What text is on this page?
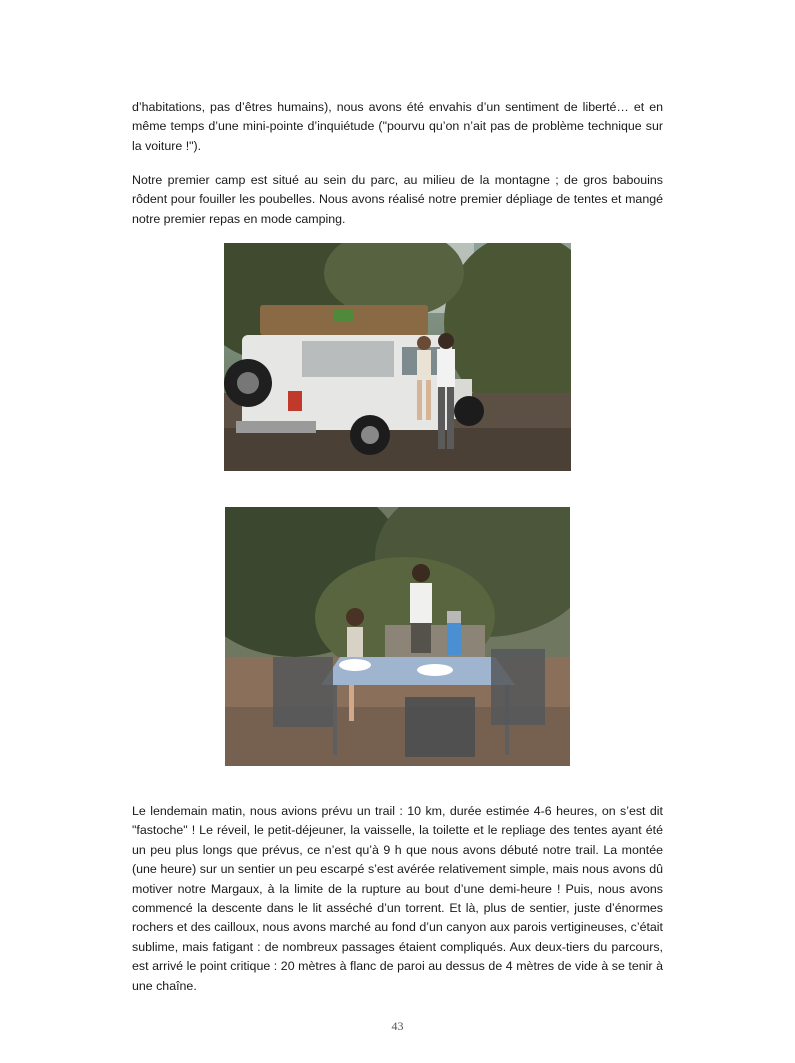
d’habitations, pas d’êtres humains), nous avons été envahis d’un sentiment de liberté… et en même temps d’une mini-pointe d’inquiétude ("pourvu qu’on n’ait pas de problème technique sur la voiture !").

Notre premier camp est situé au sein du parc, au milieu de la montagne ; de gros babouins rôdent pour fouiller les poubelles. Nous avons réalisé notre premier dépliage de tentes et mangé notre premier repas en mode camping.

Le lendemain matin, nous avions prévu un trail : 10 km, durée estimée 4-6 heures, on s’est dit "fastoche" ! Le réveil, le petit-déjeuner, la vaisselle, la toilette et le repliage des tentes ayant été un peu plus longs que prévus, ce n’est qu’à 9 h que nous avons débuté notre trail. La montée (une heure) sur un sentier un peu escarpé s’est avérée relativement simple, mais nous avons dû motiver notre Margaux, à la limite de la rupture au bout d’une demi-heure ! Puis, nous avons commencé la descente dans le lit asséché d’un torrent. Et là, plus de sentier, juste d’énormes rochers et des cailloux, nous avons marché au fond d’un canyon aux parois vertigineuses, c’était sublime, mais fatigant : de nombreux passages étaient compliqués. Aux deux-tiers du parcours, est arrivé le point critique : 20 mètres à flanc de paroi au dessus de 4 mètres de vide à se tenir à une chaîne.

43
